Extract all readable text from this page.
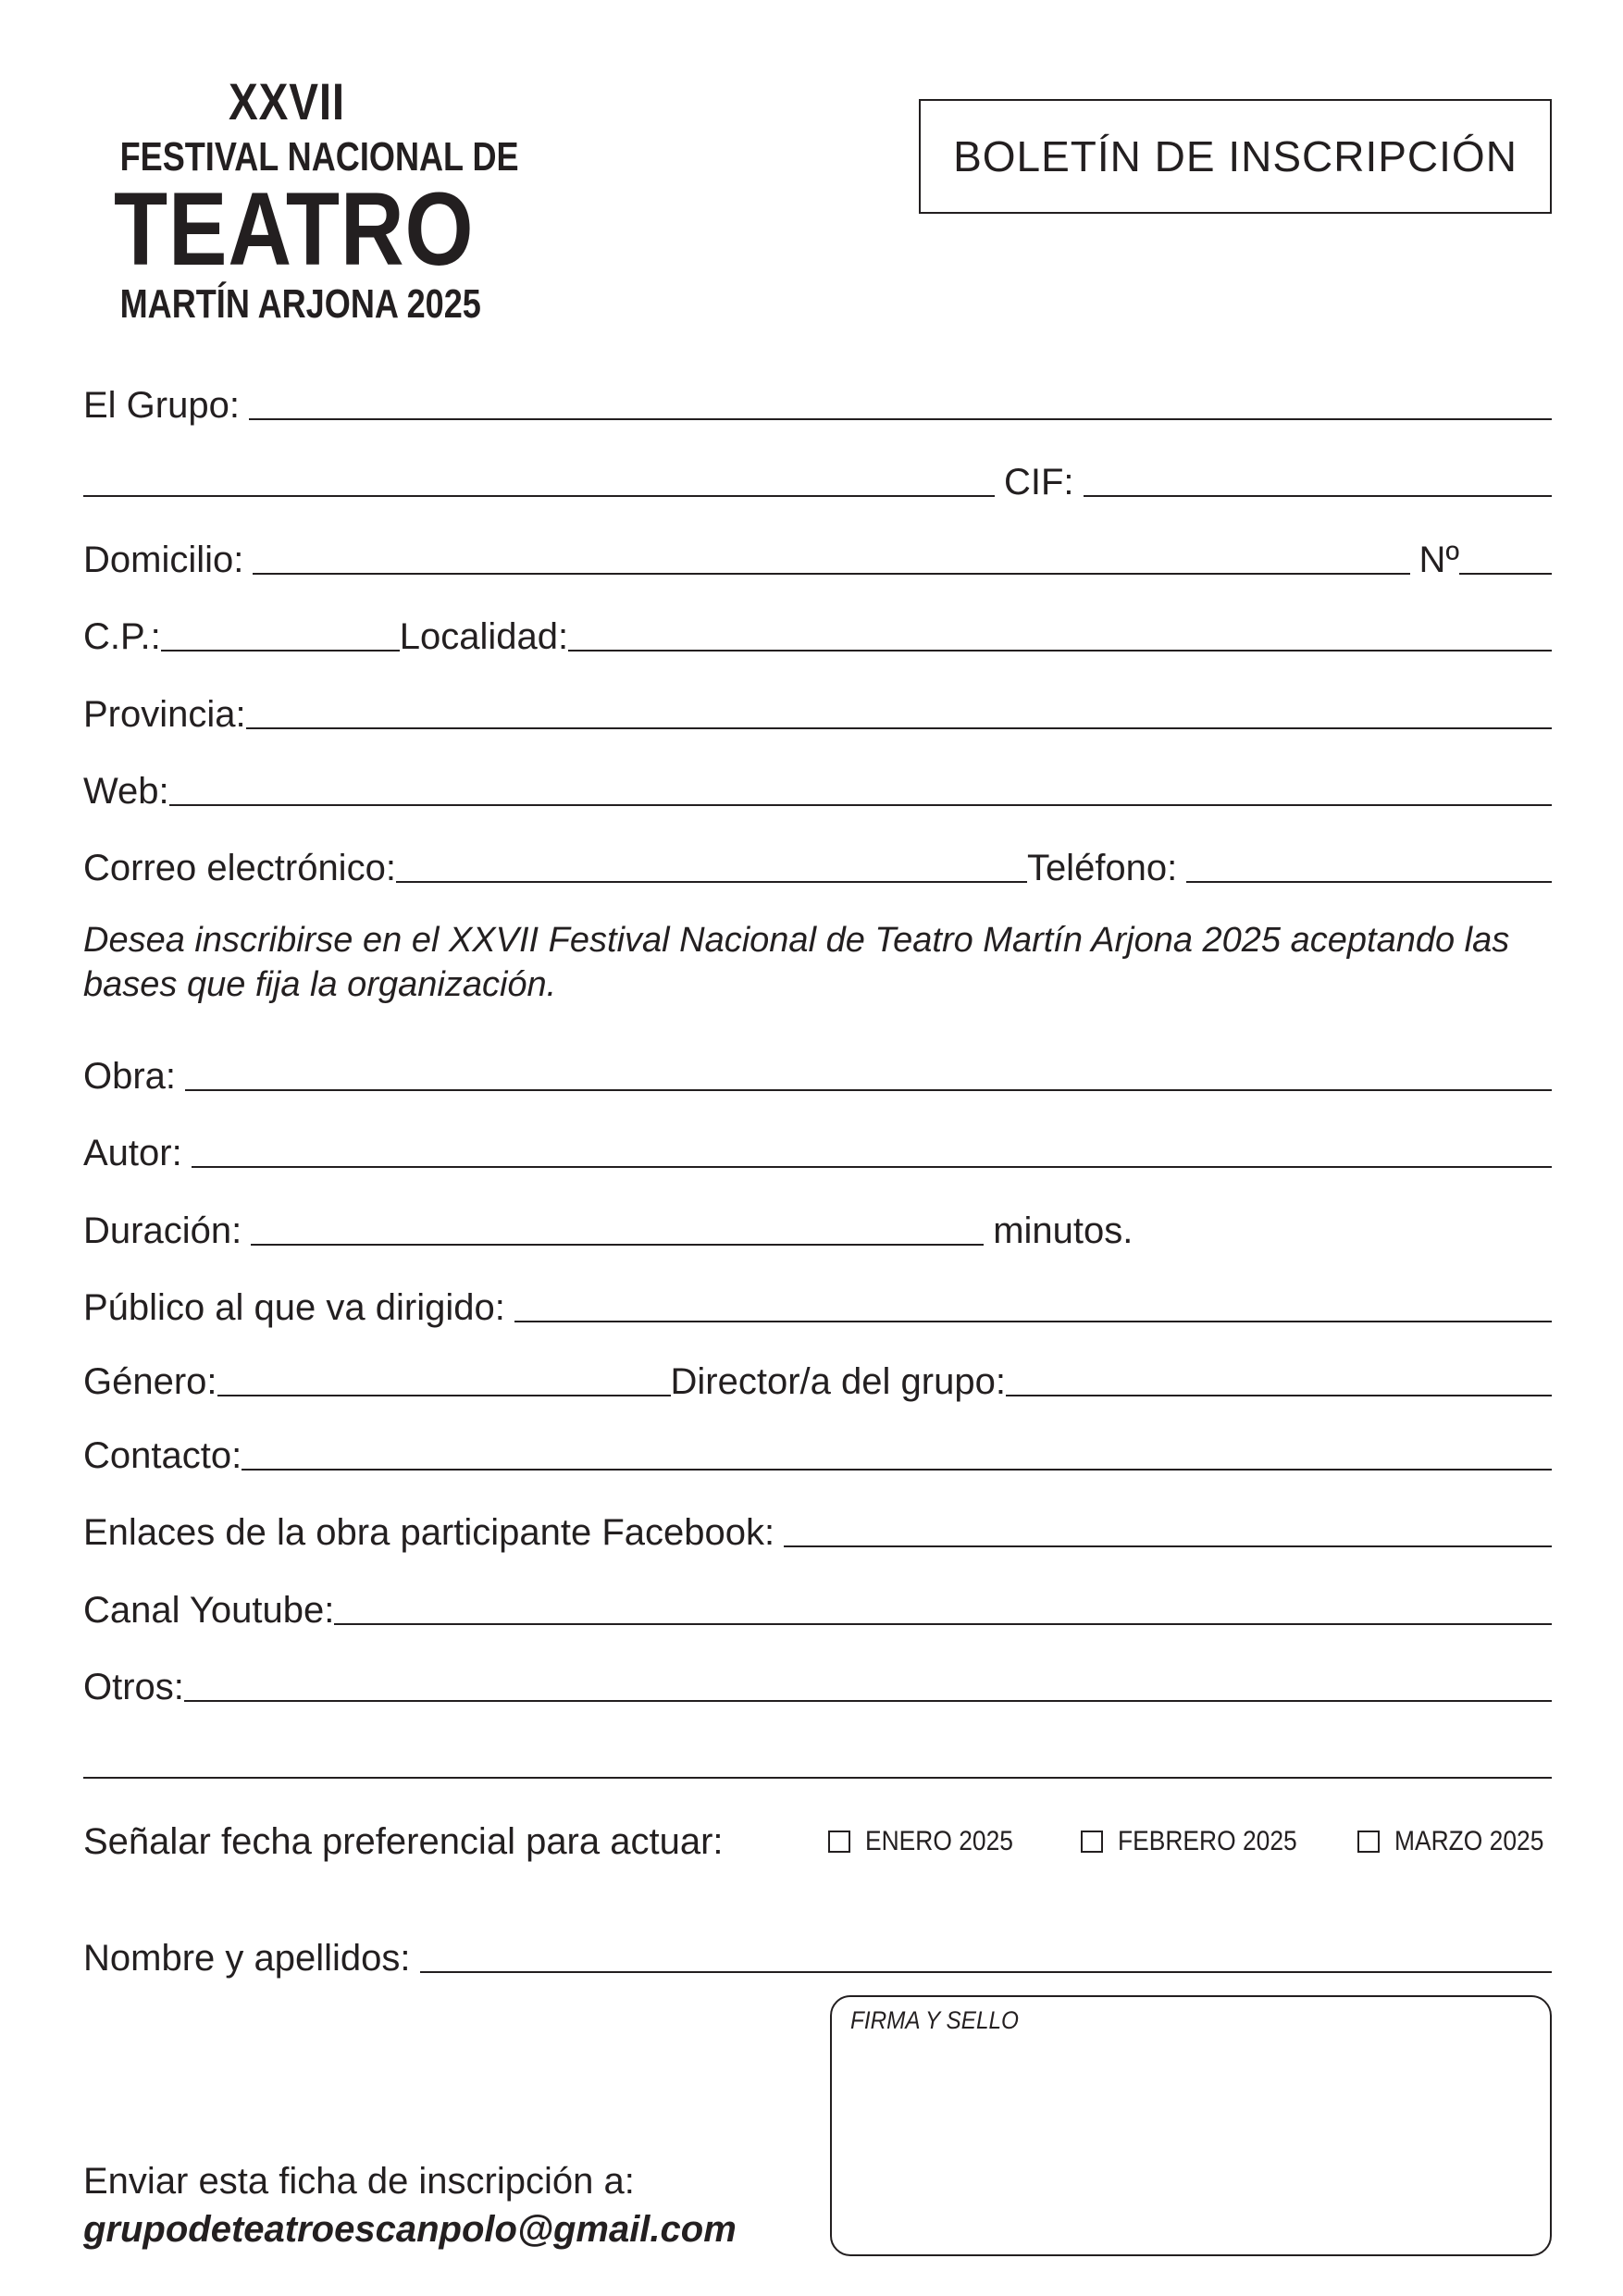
XXVII
FESTIVAL NACIONAL DE
TEATRO
MARTÍN ARJONA 2025
BOLETÍN DE INSCRIPCIÓN
El Grupo:
CIF:
Domicilio:	Nº
C.P.:	Localidad:
Provincia:
Web:
Correo electrónico:	Teléfono:
Desea inscribirse en el XXVII Festival Nacional de Teatro Martín Arjona 2025 aceptando las bases que fija la organización.
Obra:
Autor:
Duración:	minutos.
Público al que va dirigido:
Género:	Director/a del grupo:
Contacto:
Enlaces de la obra participante Facebook:
Canal Youtube:
Otros:
Señalar fecha preferencial para actuar:	ENERO 2025	FEBRERO 2025	MARZO 2025
Nombre y apellidos:
FIRMA Y SELLO
Enviar esta ficha de inscripción a:
grupodeteatroescanpolo@gmail.com
